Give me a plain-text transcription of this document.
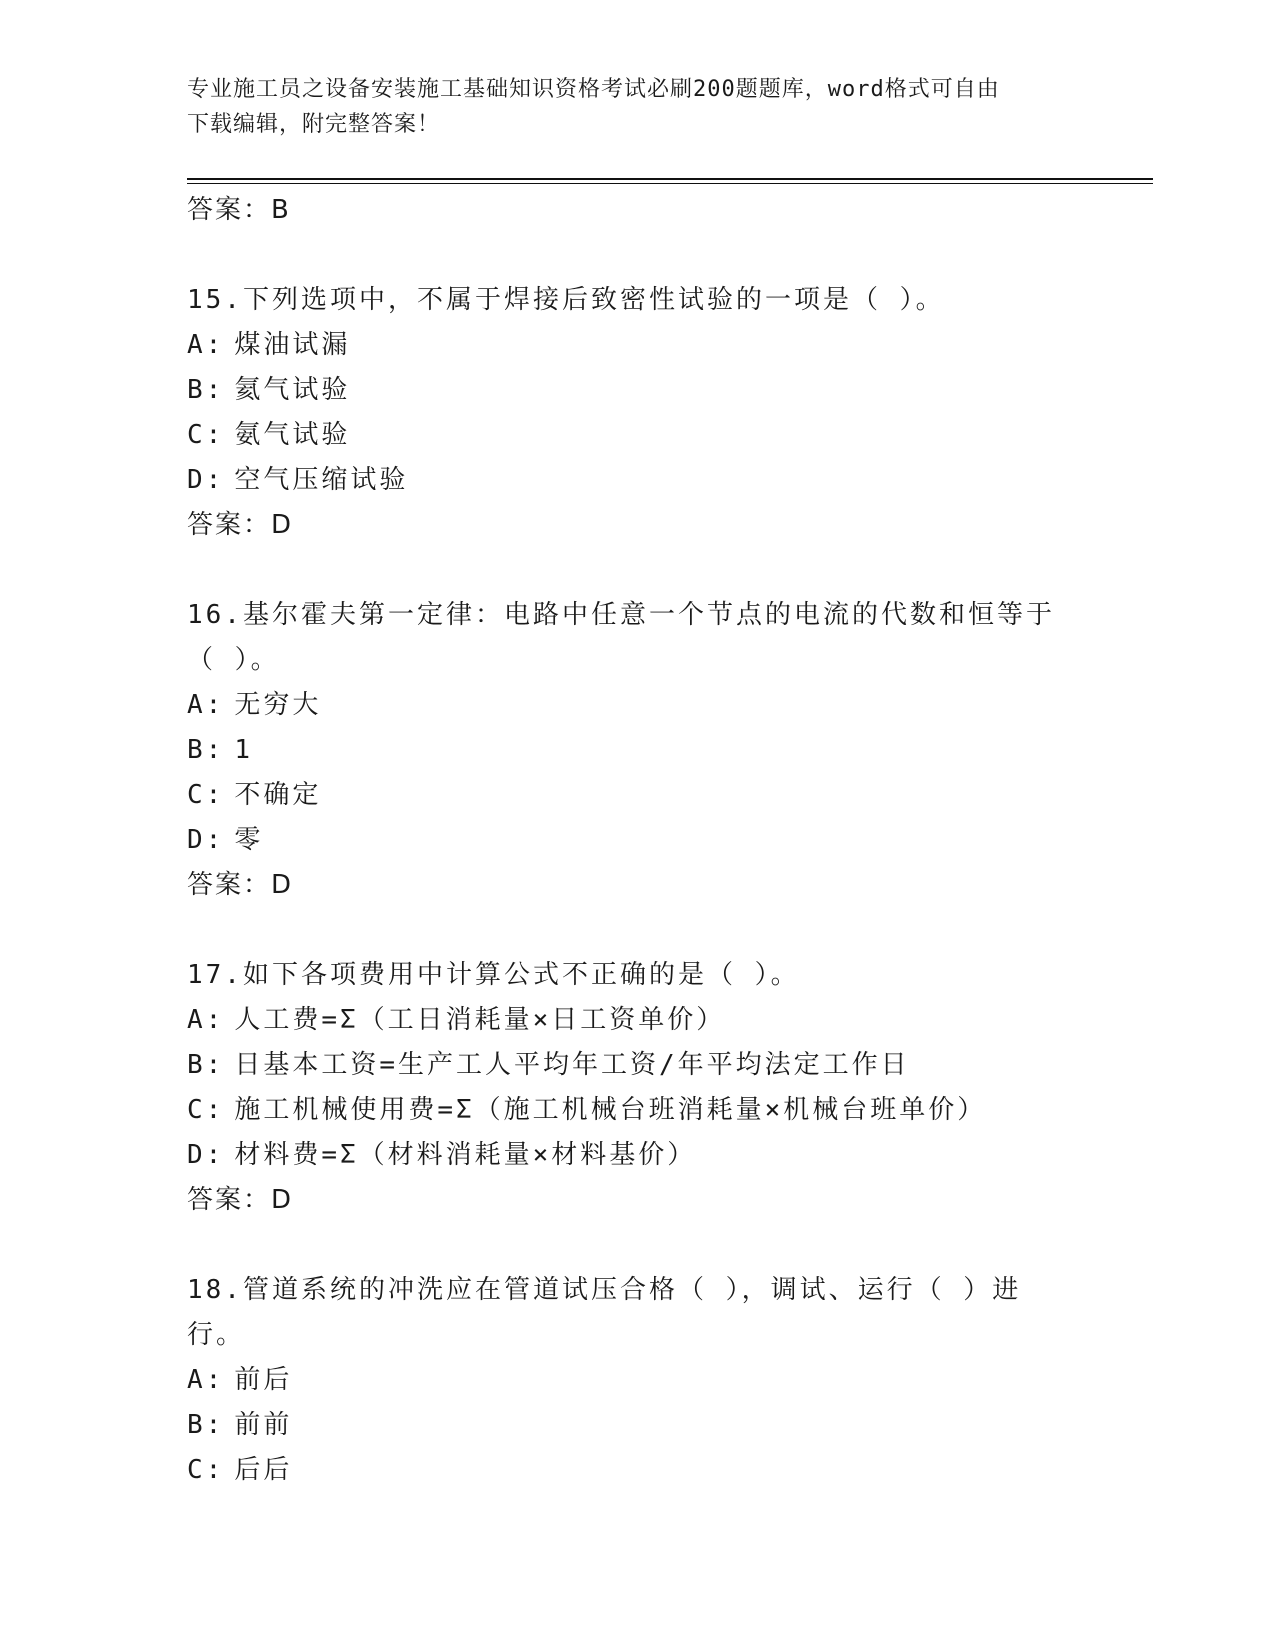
专业施工员之设备安装施工基础知识资格考试必刷200题题库，word格式可自由
下载编辑，附完整答案！

答案：B

15.下列选项中，不属于焊接后致密性试验的一项是（ ）。

A: 煤油试漏

B: 氦气试验

C: 氨气试验

D: 空气压缩试验

答案：D

16.基尔霍夫第一定律：电路中任意一个节点的电流的代数和恒等于（ ）。

A: 无穷大

B: 1

C: 不确定

D: 零

答案：D

17.如下各项费用中计算公式不正确的是（ ）。

A: 人工费=Σ（工日消耗量×日工资单价）

B: 日基本工资=生产工人平均年工资/年平均法定工作日

C: 施工机械使用费=Σ（施工机械台班消耗量×机械台班单价）

D: 材料费=Σ（材料消耗量×材料基价）

答案：D

18.管道系统的冲洗应在管道试压合格（ ），调试、运行（ ）进行。

A: 前后

B: 前前

C: 后后
